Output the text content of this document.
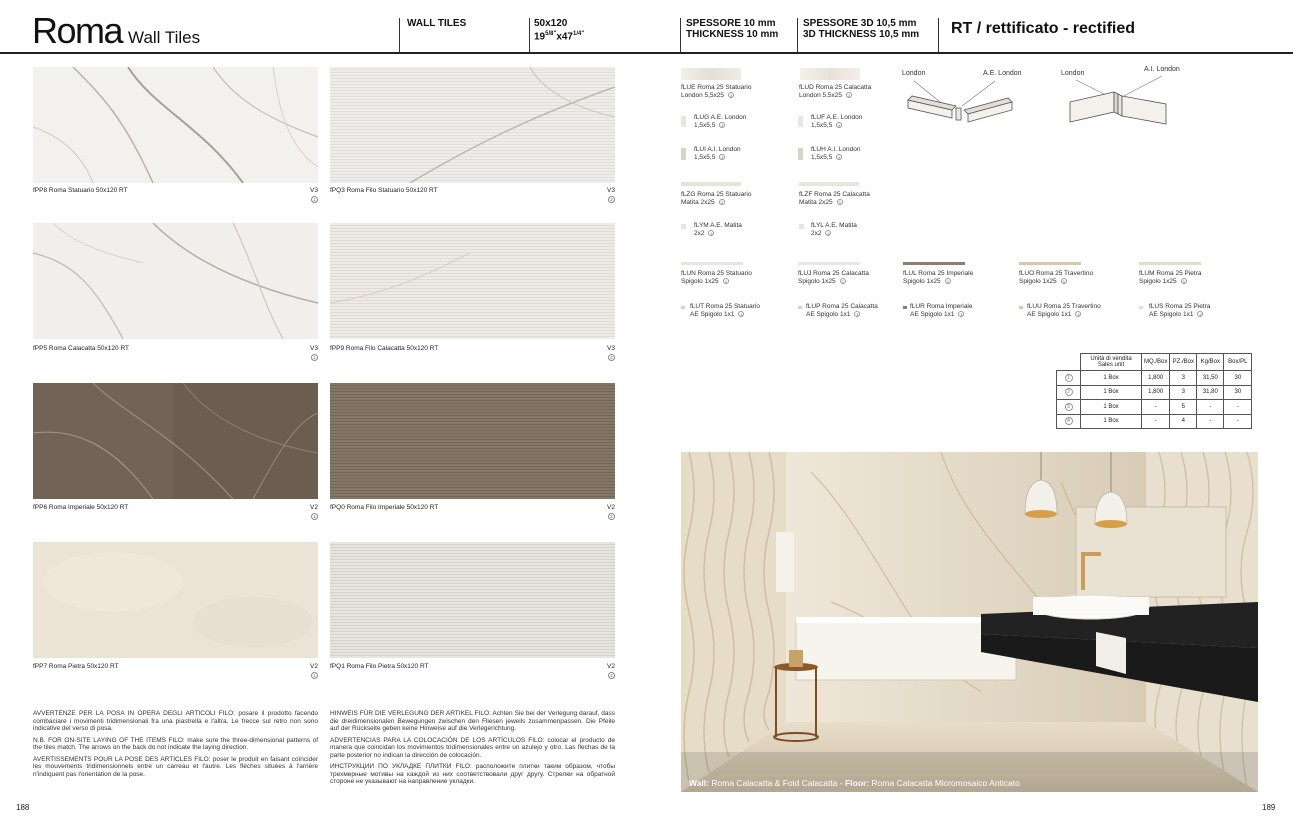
Roma Wall Tiles
WALL TILES	50x120
$19^{5/8"}x47^{1/4"}$
SPESSORE 10 mm
THICKNESS 10 mm
SPESSORE 3D 10,5 mm
3D THICKNESS 10,5 mm RT / rettificato - rectified
fPP8 Roma Statuario 50x120 RT	V3
1
fPQ3 Roma Filo Statuario 50x120 RT	V3
2
fPP5 Roma Calacatta 50x120 RT	V3
1
fPP9 Roma Filo Calacatta 50x120 RT	V3
2
fPP6 Roma Imperiale 50x120 RT	V2
1
fPQ0 Roma Filo Imperiale 50x120 RT	V2
2
fPP7 Roma Pietra 50x120 RT	V2
1
fPQ1 Roma Filo Pietra 50x120 RT	V2
2

AVVERTENZE PER LA POSA IN OPERA DEGLI ARTICOLI FILO: posare il prodotto facendo combaciare i movimenti tridimensionali fra una piastrella e l'altra. Le frecce sul retro non sono indicative del verso di posa.

N.B. FOR ON-SITE LAYING OF THE ITEMS FILO: make sure the three-dimensional patterns of the tiles match. The arrows on the back do not indicate the laying direction.

AVERTISSEMENTS POUR LA POSE DES ARTICLES FILO: poser le produit en faisant coïncider les mouvements tridimensionnels entre un carreau et l'autre. Les flèches situées à l'arrière n'indiquent pas l'orientation de la pose.

HINWEIS FÜR DIE VERLEGUNG DER ARTIKEL FILO: Achten Sie bei der Verlegung darauf, dass die dreidimensionalen Bewegungen zwischen den Fliesen jeweils zusammenpassen. Die Pfeile auf der Rückseite geben keine Hinweise auf die Verlegerichtung.

ADVERTENCIAS PARA LA COLOCACIÓN DE LOS ARTÍCULOS FILO: colocar el producto de manera que coincidan los movimientos tridimensionales entre un azulejo y otro. Las flechas de la parte posterior no indican la dirección de colocación.

ИНСТРУКЦИИ ПО УКЛАДКЕ ПЛИТКИ FILO: расположите плитки таким образом, чтобы трехмерные мотивы на каждой из них соответствовали друг другу. Стрелки на обратной стороне не указывают на направление укладки.

fLUE Roma 25 Statuario
London 5,5x25 3
fLUD Roma 25 Calacatta
London 5,5x25 3
fLUG A.E. London
1,5x5,5 4
fLUF A.E. London
1,5x5,5 4
fLUI A.I. London
1,5x5,5 4
fLUH A.I. London
1,5x5,5 4
fLZG Roma 25 Statuario
Matita 2x25 3
fLZF Roma 25 Calacatta
Matita 2x25 3
fLYM A.E. Matita
2x2 4
fLYL A.E. Matita
2x2 4
fLUN Roma 25 Statuario
Spigolo 1x25 3
fLUJ Roma 25 Calacatta
Spigolo 1x25 3
fLUL Roma 25 Imperiale
Spigolo 1x25 3
fLUO Roma 25 Travertino
Spigolo 1x25 3
fLUM Roma 25 Pietra
Spigolo 1x25 3
fLUT Roma 25 Statuario
AE Spigolo 1x1 4
fLUP Roma 25 Calacatta
AE Spigolo 1x1 4
fLUR Roma Imperiale
AE Spigolo 1x1 4
fLUU Roma 25 Travertino
AE Spigolo 1x1 4
fLUS Roma 25 Pietra
AE Spigolo 1x1 4
London	A.E. London	London
A.I. London

	Unità di vendita
Sales unit	MQ./Box	PZ./Box	Kg/Box	Box/PL
1	1 Box	1,800	3	31,50	30
2	1 Box	1,800	3	31,80	30
3	1 Box	-	5	-	-
4	1 Box	-	4	-	-
Wall: Roma Calacatta & Fold Calacatta - Floor: Roma Calacatta Micromosaico Anticato
188	189
